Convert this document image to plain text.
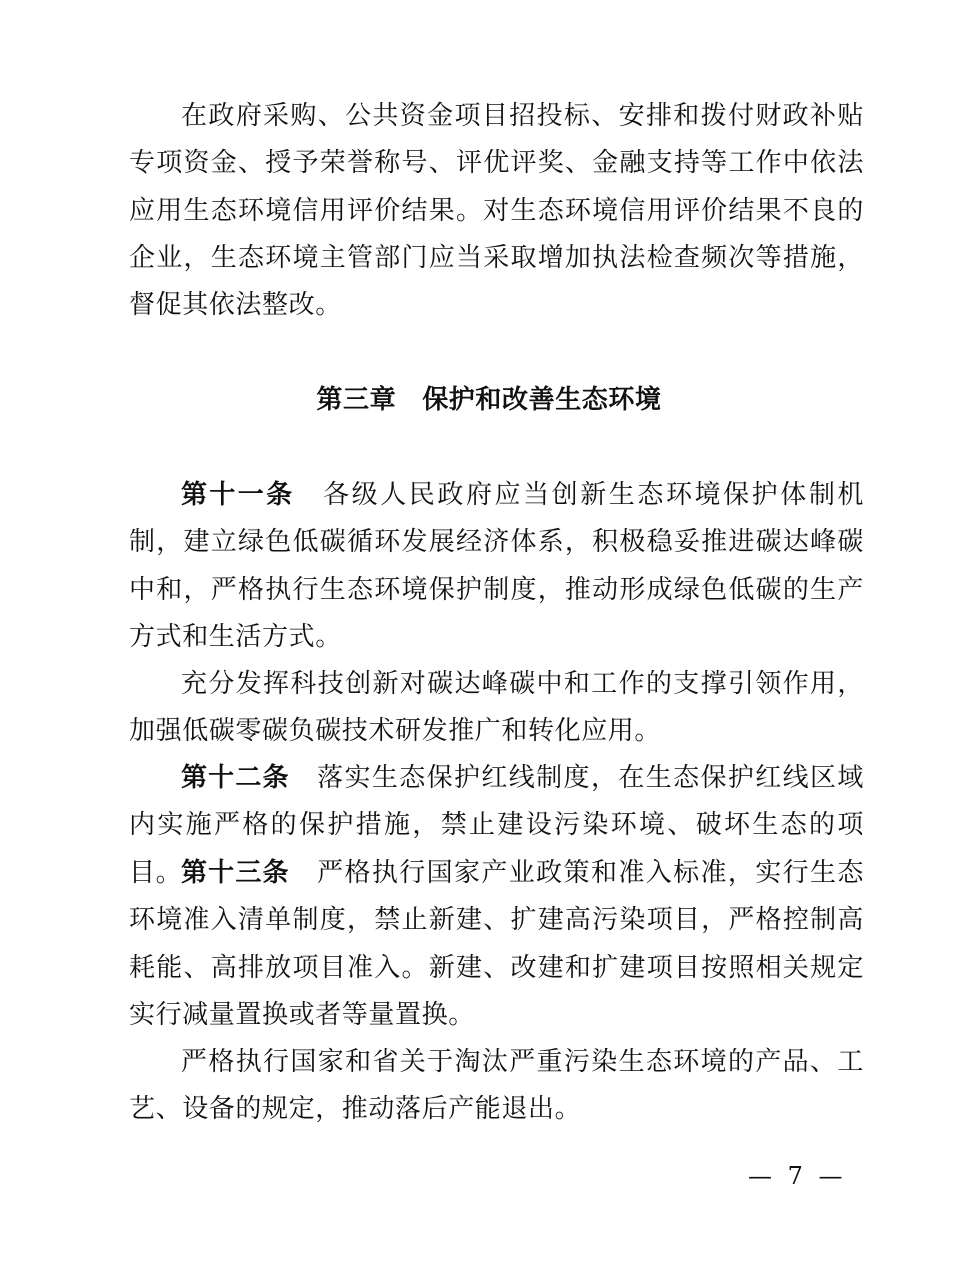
在政府采购、公共资金项目招投标、安排和拨付财政补贴专项资金、授予荣誉称号、评优评奖、金融支持等工作中依法应用生态环境信用评价结果。对生态环境信用评价结果不良的企业，生态环境主管部门应当采取增加执法检查频次等措施，督促其依法整改。

第三章 保护和改善生态环境

第十一条　 各级人民政府应当创新生态环境保护体制机制，建立绿色低碳循环发展经济体系，积极稳妥推进碳达峰碳中和，严格执行生态环境保护制度，推动形成绿色低碳的生产方式和生活方式。

充分发挥科技创新对碳达峰碳中和工作的支撑引领作用，加强低碳零碳负碳技术研发推广和转化应用。

第十二条　 落实生态保护红线制度，在生态保护红线区域内实施严格的保护措施，禁止建设污染环境、破坏生态的项目。

第十三条　 严格执行国家产业政策和准入标准，实行生态环境准入清单制度，禁止新建、扩建高污染项目，严格控制高耗能、高排放项目准入。新建、改建和扩建项目按照相关规定实行减量置换或者等量置换。

严格执行国家和省关于淘汰严重污染生态环境的产品、工艺、设备的规定，推动落后产能退出。

— 7 —
